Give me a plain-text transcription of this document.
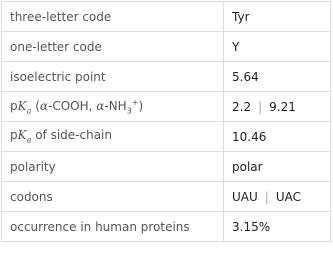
three-letter code	Tyr
one-letter code	Y
isoelectric point	5.64
$pK_a$ (α-COOH, $\alpha-NH_3^+$)	2.2 | 9.21
$pK_a$ of side-chain	10.46
polarity	polar
codons	UAU | UAC
occurrence in human proteins	3.15%
